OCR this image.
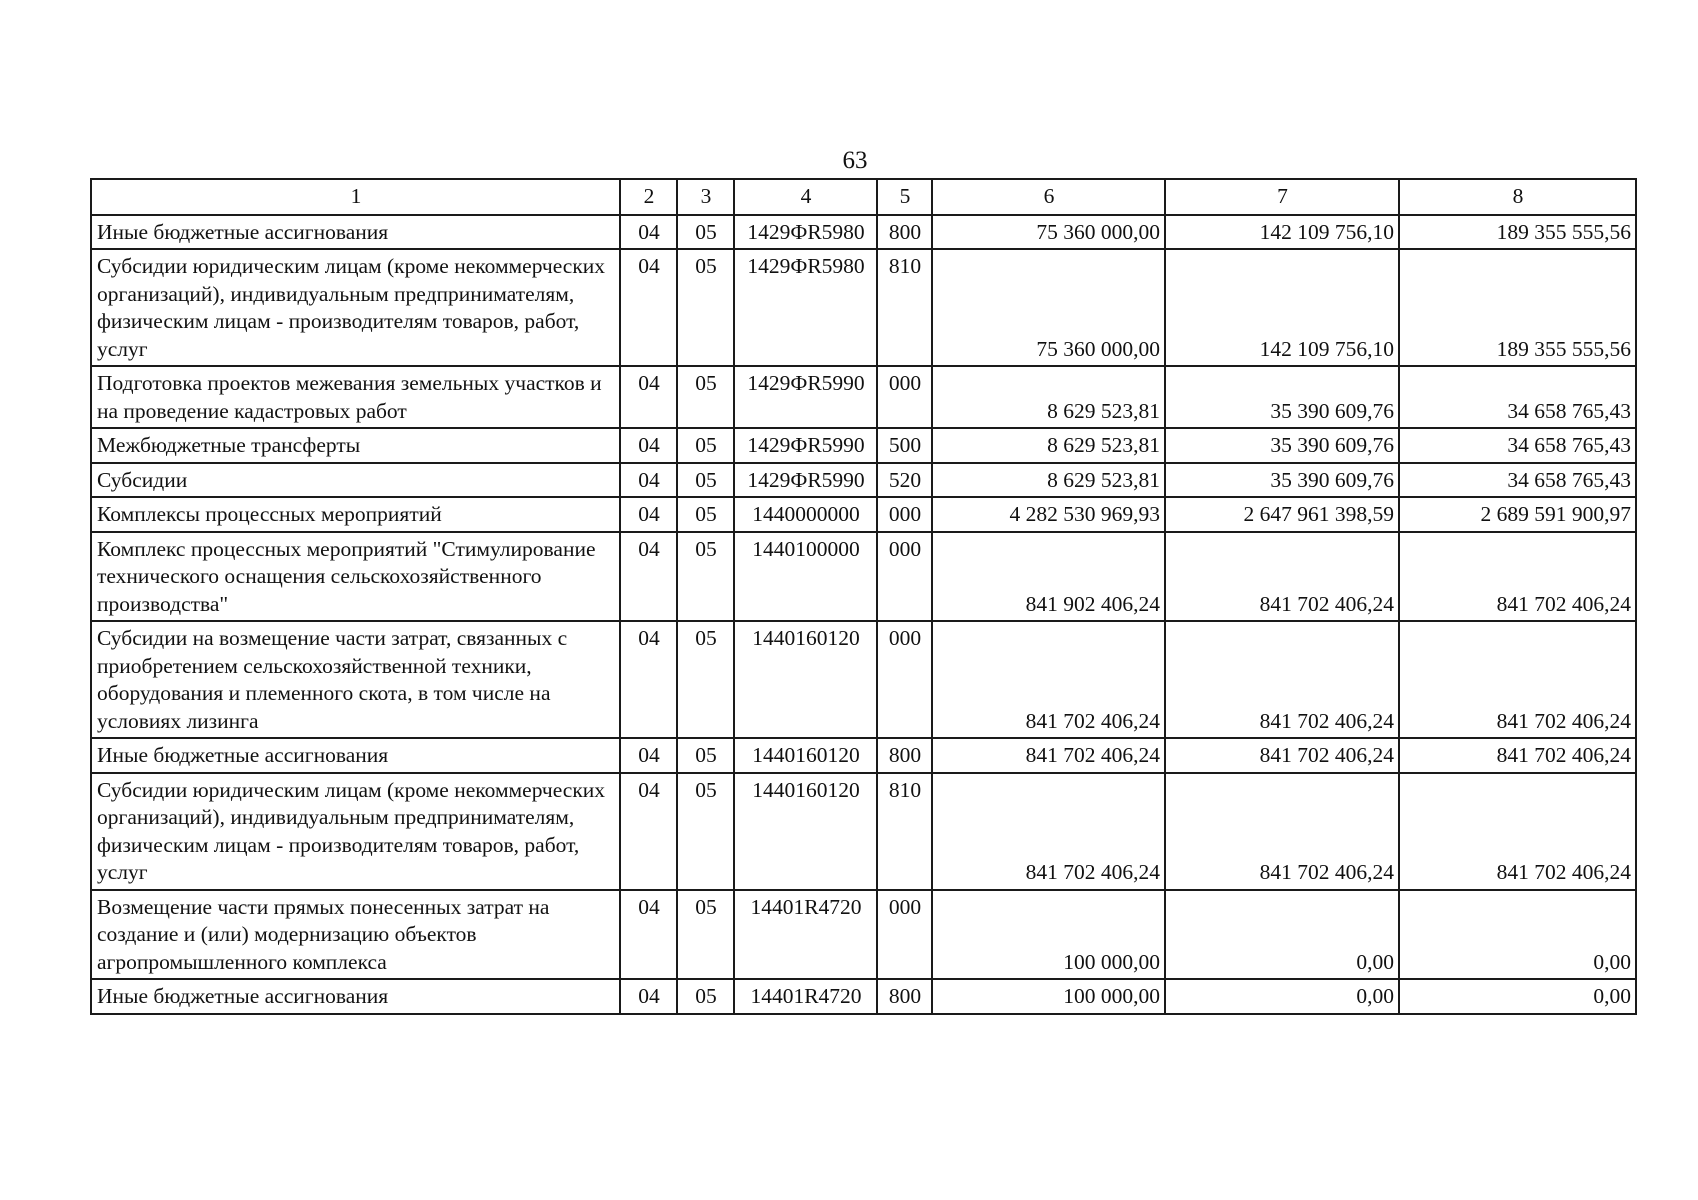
63
1	2	3	4	5	6	7	8
Иные бюджетные ассигнования	04	05	1429ФR5980	800	75 360 000,00	142 109 756,10	189 355 555,56
Субсидии юридическим лицам (кроме некоммерческих организаций), индивидуальным предпринимателям, физическим лицам - производителям товаров, работ, услуг	04	05	1429ФR5980	810	75 360 000,00	142 109 756,10	189 355 555,56
Подготовка проектов межевания земельных участков и на проведение кадастровых работ	04	05	1429ФR5990	000	8 629 523,81	35 390 609,76	34 658 765,43
Межбюджетные трансферты	04	05	1429ФR5990	500	8 629 523,81	35 390 609,76	34 658 765,43
Субсидии	04	05	1429ФR5990	520	8 629 523,81	35 390 609,76	34 658 765,43
Комплексы процессных мероприятий	04	05	1440000000	000	4 282 530 969,93	2 647 961 398,59	2 689 591 900,97
Комплекс процессных мероприятий "Стимулирование технического оснащения сельскохозяйственного производства"	04	05	1440100000	000	841 902 406,24	841 702 406,24	841 702 406,24
Субсидии на возмещение части затрат, связанных с приобретением сельскохозяйственной техники, оборудования и племенного скота, в том числе на условиях лизинга	04	05	1440160120	000	841 702 406,24	841 702 406,24	841 702 406,24
Иные бюджетные ассигнования	04	05	1440160120	800	841 702 406,24	841 702 406,24	841 702 406,24
Субсидии юридическим лицам (кроме некоммерческих организаций), индивидуальным предпринимателям, физическим лицам - производителям товаров, работ, услуг	04	05	1440160120	810	841 702 406,24	841 702 406,24	841 702 406,24
Возмещение части прямых понесенных затрат на создание и (или) модернизацию объектов агропромышленного комплекса	04	05	14401R4720	000	100 000,00	0,00	0,00
Иные бюджетные ассигнования	04	05	14401R4720	800	100 000,00	0,00	0,00
